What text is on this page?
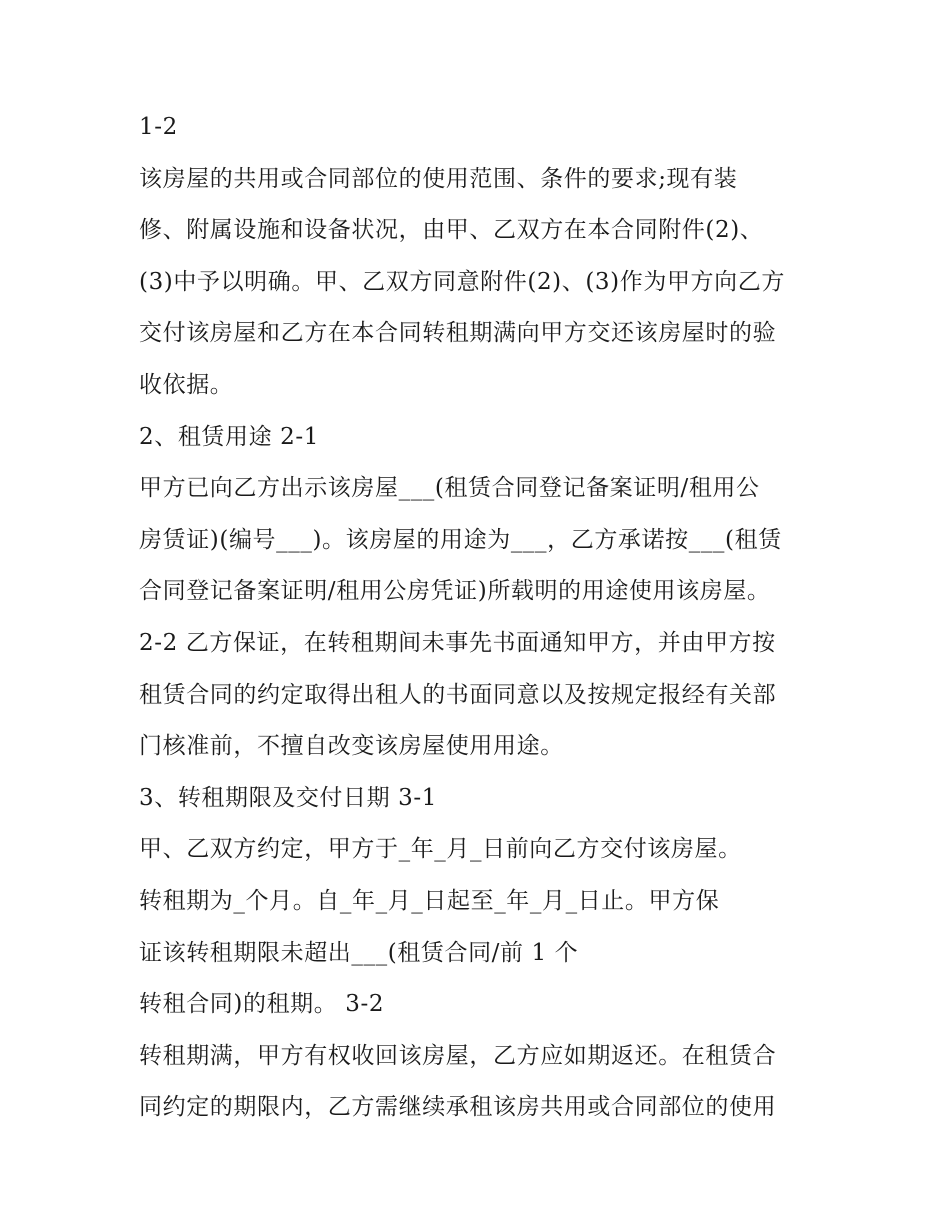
1-2
该房屋的共用或合同部位的使用范围、条件的要求;现有装
修、附属设施和设备状况，由甲、乙双方在本合同附件(2)、
(3)中予以明确。甲、乙双方同意附件(2)、(3)作为甲方向乙方
交付该房屋和乙方在本合同转租期满向甲方交还该房屋时的验
收依据。
2、租赁用途 2-1
甲方已向乙方出示该房屋___(租赁合同登记备案证明/租用公
房赁证)(编号___)。该房屋的用途为___，乙方承诺按___(租赁
合同登记备案证明/租用公房凭证)所载明的用途使用该房屋。
2-2 乙方保证，在转租期间未事先书面通知甲方，并由甲方按
租赁合同的约定取得出租人的书面同意以及按规定报经有关部
门核准前，不擅自改变该房屋使用用途。
3、转租期限及交付日期 3-1
甲、乙双方约定，甲方于_年_月_日前向乙方交付该房屋。
转租期为_个月。自_年_月_日起至_年_月_日止。甲方保
证该转租期限未超出___(租赁合同/前 1 个
转租合同)的租期。 3-2
转租期满，甲方有权收回该房屋，乙方应如期返还。在租赁合
同约定的期限内，乙方需继续承租该房共用或合同部位的使用
